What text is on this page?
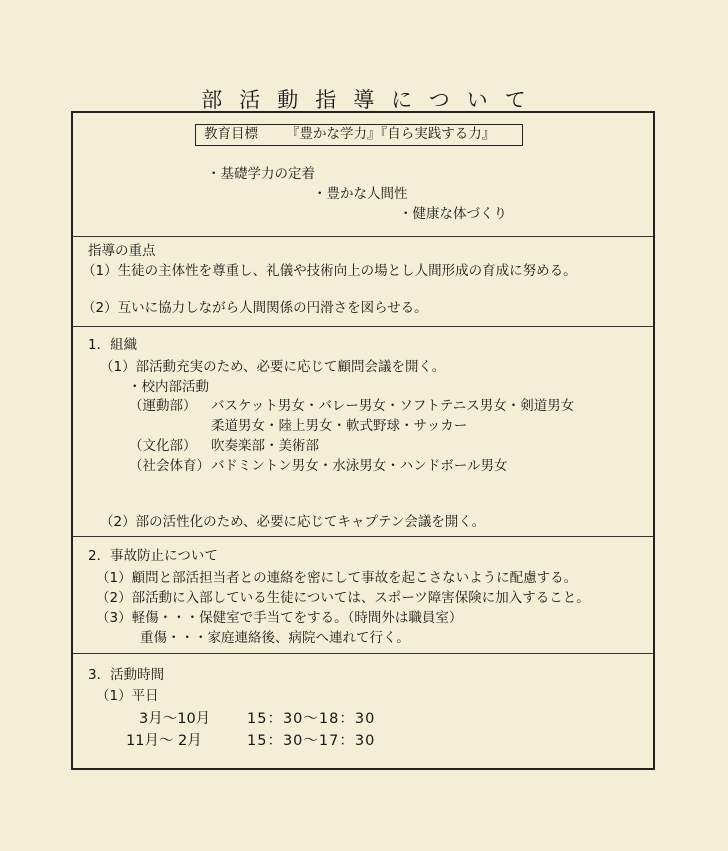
部活動指導について
教育目標 『豊かな学力』『自ら実践する力』
・基礎学力の定着
・豊かな人間性
・健康な体づくり
指導の重点
（1）生徒の主体性を尊重し、礼儀や技術向上の場とし人間形成の育成に努める。
（2）互いに協力しながら人間関係の円滑さを図らせる。
1．組織
（1）部活動充実のため、必要に応じて顧問会議を開く。
・校内部活動
（運動部） バスケット男女・バレー男女・ソフトテニス男女・剣道男女
柔道男女・陸上男女・軟式野球・サッカー
（文化部） 吹奏楽部・美術部
（社会体育） バドミントン男女・水泳男女・ハンドボール男女
（2）部の活性化のため、必要に応じてキャプテン会議を開く。
2．事故防止について
（1）顧問と部活担当者との連絡を密にして事故を起こさないように配慮する。
（2）部活動に入部している生徒については、スポーツ障害保険に加入すること。
（3）軽傷・・・保健室で手当てをする。（時間外は職員室）
重傷・・・家庭連絡後、病院へ連れて行く。
3．活動時間
（1）平日
3月～10月	15：30～18：30
11月～ 2月	15：30～17：30
